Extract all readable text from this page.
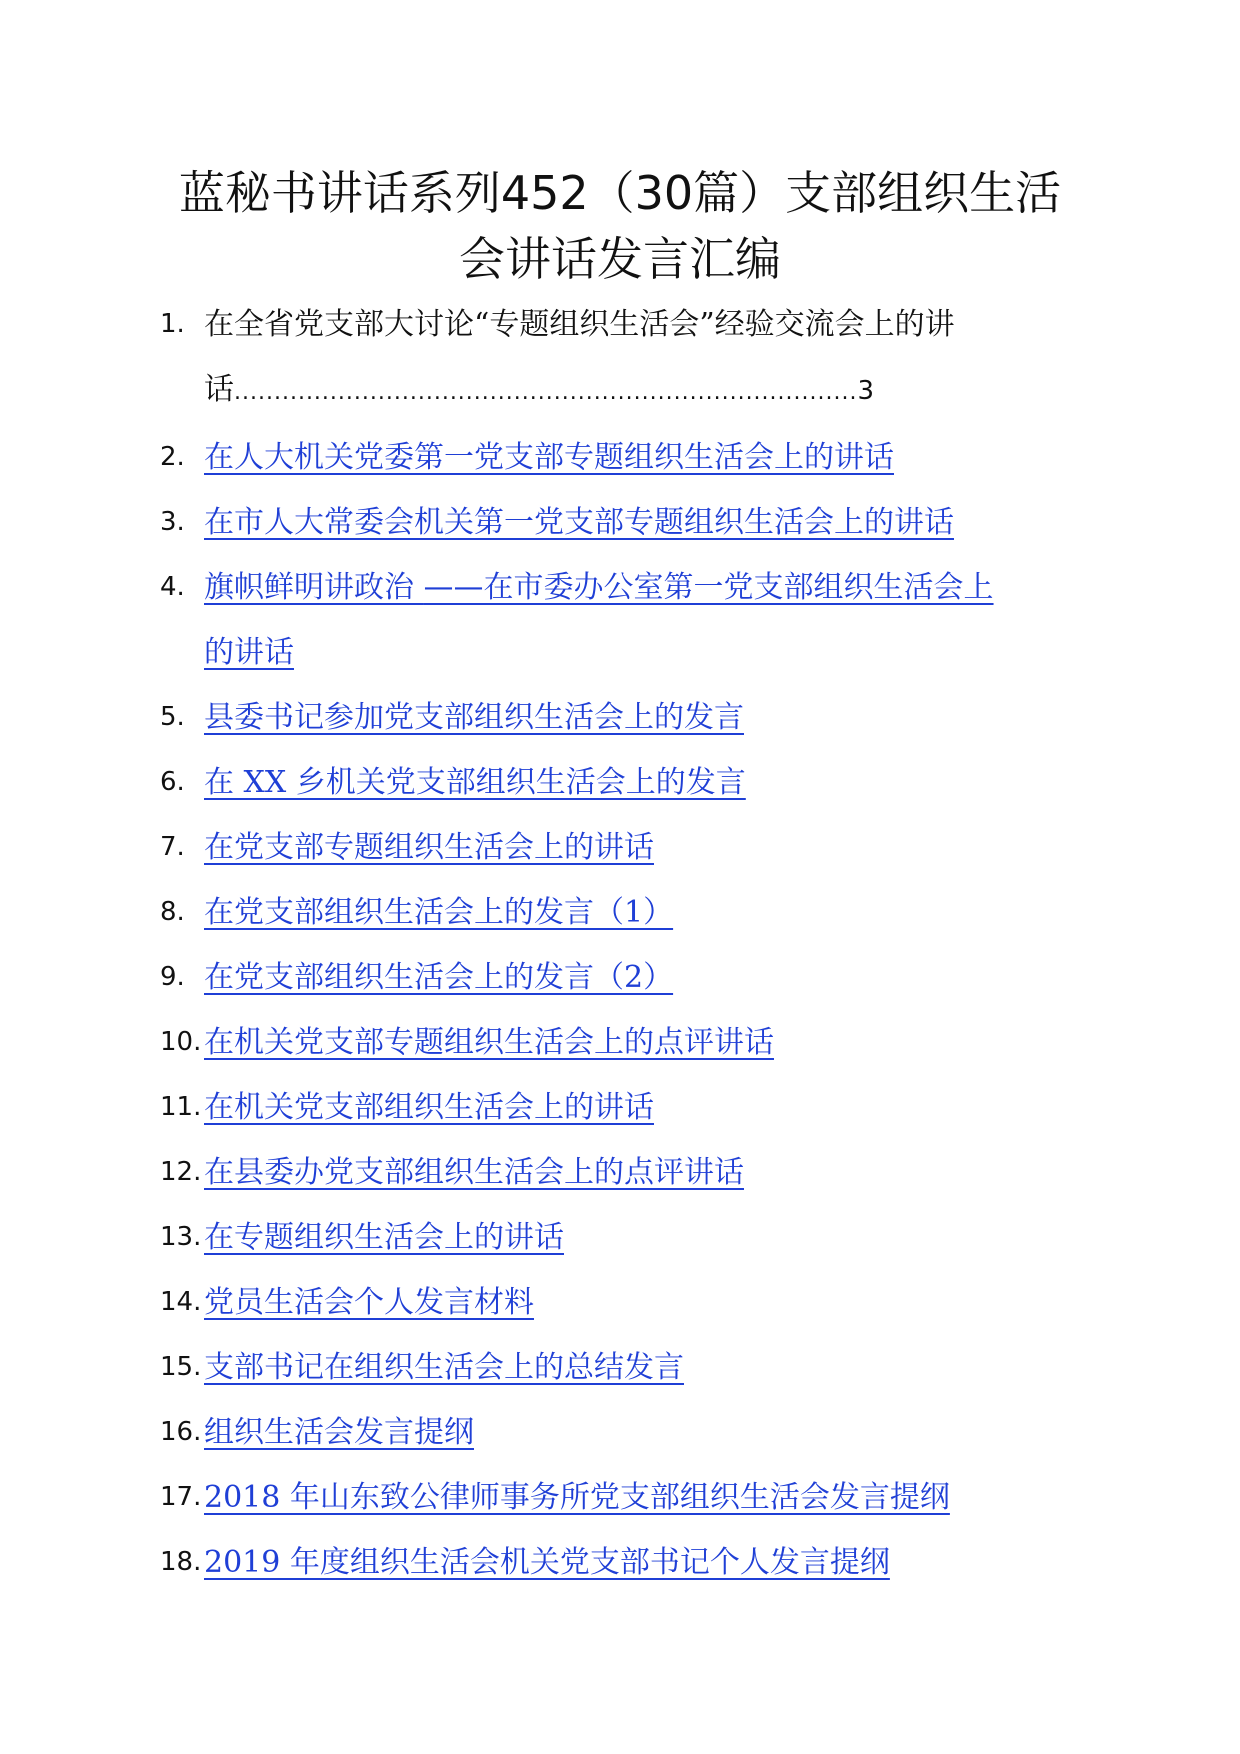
蓝秘书讲话系列452（30篇）支部组织生活
会讲话发言汇编
1. 在全省党支部大讨论“专题组织生活会”经验交流会上的讲
话..............................................................................3
2. 在人大机关党委第一党支部专题组织生活会上的讲话
3. 在市人大常委会机关第一党支部专题组织生活会上的讲话
4. 旗帜鲜明讲政治 ——在市委办公室第一党支部组织生活会上
的讲话
5. 县委书记参加党支部组织生活会上的发言
6. 在 XX 乡机关党支部组织生活会上的发言
7. 在党支部专题组织生活会上的讲话
8. 在党支部组织生活会上的发言（1）
9. 在党支部组织生活会上的发言（2）
10. 在机关党支部专题组织生活会上的点评讲话
11. 在机关党支部组织生活会上的讲话
12. 在县委办党支部组织生活会上的点评讲话
13. 在专题组织生活会上的讲话
14. 党员生活会个人发言材料
15. 支部书记在组织生活会上的总结发言
16. 组织生活会发言提纲
17. 2018 年山东致公律师事务所党支部组织生活会发言提纲
18. 2019 年度组织生活会机关党支部书记个人发言提纲
